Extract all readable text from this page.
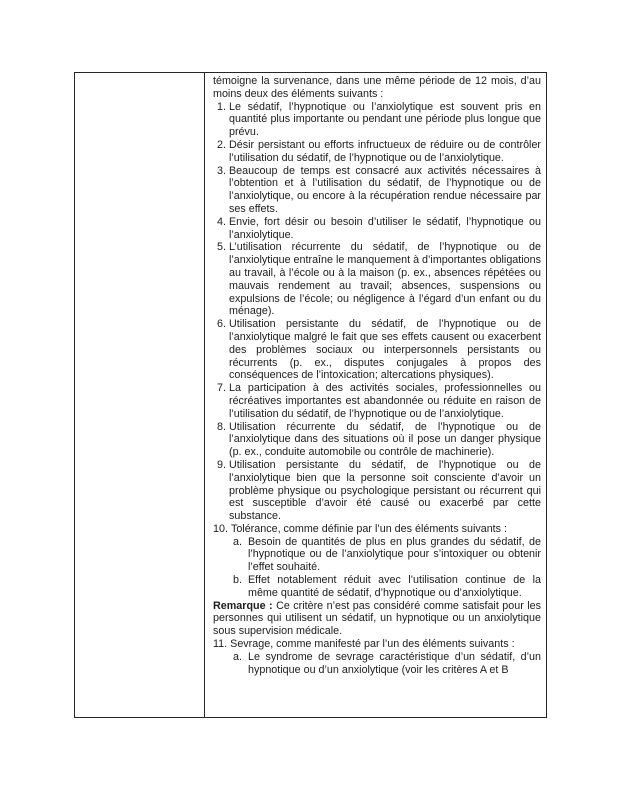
témoigne la survenance, dans une même période de 12 mois, d’au moins deux des éléments suivants :
1. Le sédatif, l’hypnotique ou l’anxiolytique est souvent pris en quantité plus importante ou pendant une période plus longue que prévu.
2. Désir persistant ou efforts infructueux de réduire ou de contrôler l’utilisation du sédatif, de l’hypnotique ou de l’anxiolytique.
3. Beaucoup de temps est consacré aux activités nécessaires à l’obtention et à l’utilisation du sédatif, de l’hypnotique ou de l’anxiolytique, ou encore à la récupération rendue nécessaire par ses effets.
4. Envie, fort désir ou besoin d’utiliser le sédatif, l’hypnotique ou l’anxiolytique.
5. L’utilisation récurrente du sédatif, de l’hypnotique ou de l’anxiolytique entraîne le manquement à d’importantes obligations au travail, à l’école ou à la maison (p. ex., absences répétées ou mauvais rendement au travail; absences, suspensions ou expulsions de l’école; ou négligence à l’égard d’un enfant ou du ménage).
6. Utilisation persistante du sédatif, de l’hypnotique ou de l’anxiolytique malgré le fait que ses effets causent ou exacerbent des problèmes sociaux ou interpersonnels persistants ou récurrents (p. ex., disputes conjugales à propos des conséquences de l’intoxication; altercations physiques).
7. La participation à des activités sociales, professionnelles ou récréatives importantes est abandonnée ou réduite en raison de l’utilisation du sédatif, de l’hypnotique ou de l’anxiolytique.
8. Utilisation récurrente du sédatif, de l’hypnotique ou de l’anxiolytique dans des situations où il pose un danger physique (p. ex., conduite automobile ou contrôle de machinerie).
9. Utilisation persistante du sédatif, de l’hypnotique ou de l’anxiolytique bien que la personne soit consciente d’avoir un problème physique ou psychologique persistant ou récurrent qui est susceptible d’avoir été causé ou exacerbé par cette substance.
10. Tolérance, comme définie par l’un des éléments suivants :
a. Besoin de quantités de plus en plus grandes du sédatif, de l’hypnotique ou de l’anxiolytique pour s’intoxiquer ou obtenir l’effet souhaité.
b. Effet notablement réduit avec l’utilisation continue de la même quantité de sédatif, d’hypnotique ou d’anxiolytique.
Remarque : Ce critère n’est pas considéré comme satisfait pour les personnes qui utilisent un sédatif, un hypnotique ou un anxiolytique sous supervision médicale.
11. Sevrage, comme manifesté par l’un des éléments suivants :
a. Le syndrome de sevrage caractéristique d’un sédatif, d’un hypnotique ou d’un anxiolytique (voir les critères A et B
